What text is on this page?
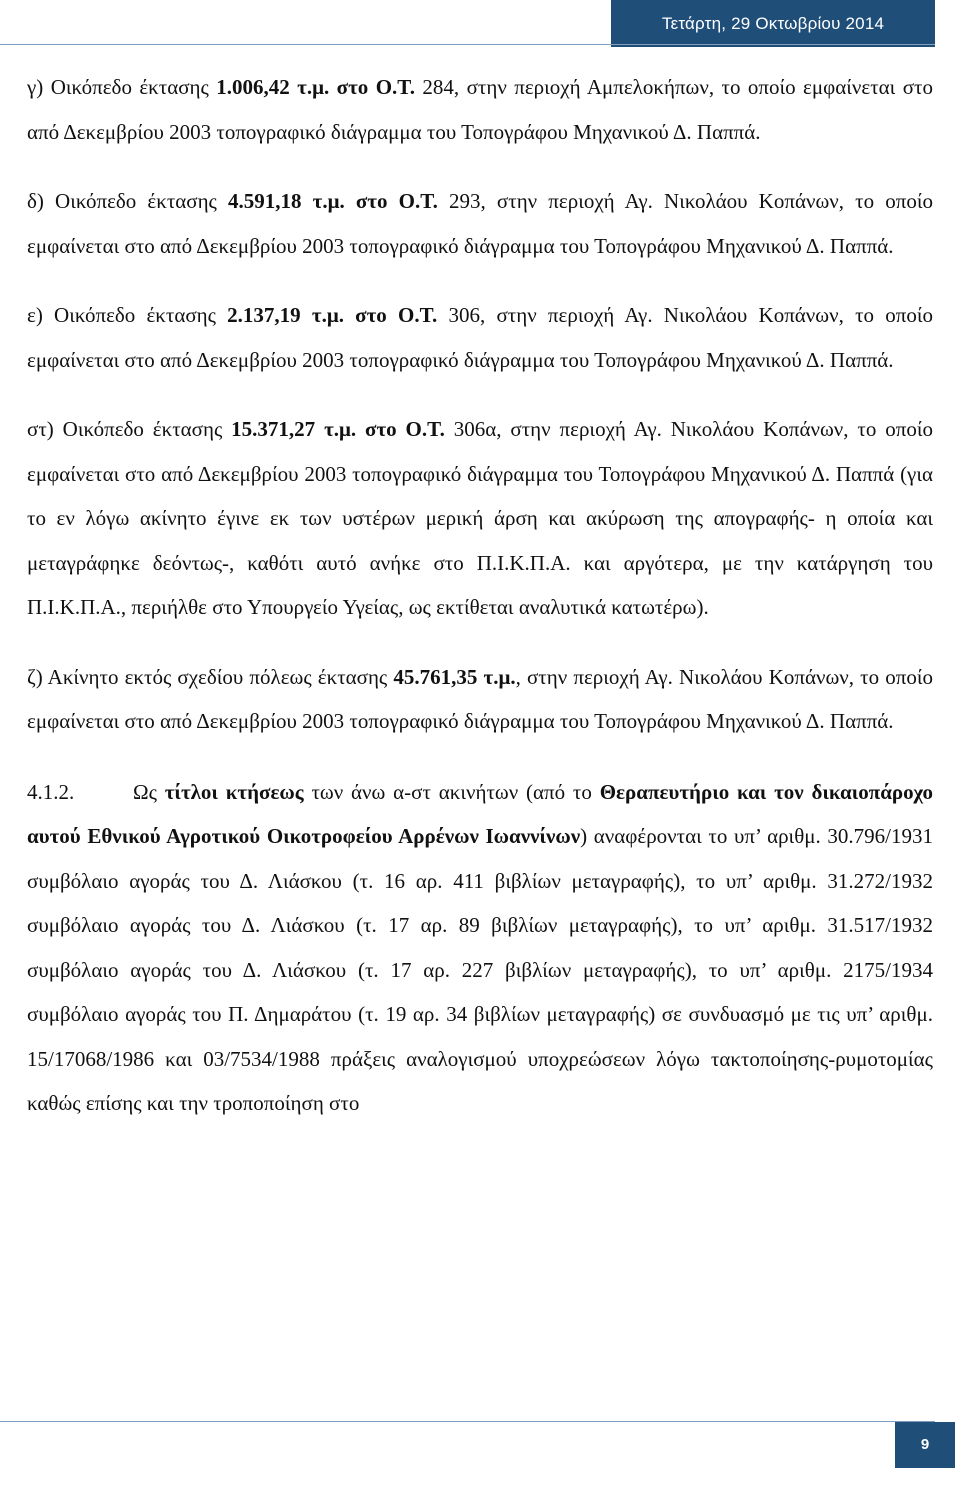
Τετάρτη, 29 Οκτωβρίου 2014

γ) Οικόπεδο έκτασης 1.006,42 τ.μ. στο Ο.Τ. 284, στην περιοχή Αμπελοκήπων, το οποίο εμφαίνεται στο από Δεκεμβρίου 2003 τοπογραφικό διάγραμμα του Τοπογράφου Μηχανικού Δ. Παππά.

δ) Οικόπεδο έκτασης 4.591,18 τ.μ. στο Ο.Τ. 293, στην περιοχή Αγ. Νικολάου Κοπάνων, το οποίο εμφαίνεται στο από Δεκεμβρίου 2003 τοπογραφικό διάγραμμα του Τοπογράφου Μηχανικού Δ. Παππά.

ε) Οικόπεδο έκτασης 2.137,19 τ.μ. στο Ο.Τ. 306, στην περιοχή Αγ. Νικολάου Κοπάνων, το οποίο εμφαίνεται στο από Δεκεμβρίου 2003 τοπογραφικό διάγραμμα του Τοπογράφου Μηχανικού Δ. Παππά.

στ) Οικόπεδο έκτασης 15.371,27 τ.μ. στο Ο.Τ. 306α, στην περιοχή Αγ. Νικολάου Κοπάνων, το οποίο εμφαίνεται στο από Δεκεμβρίου 2003 τοπογραφικό διάγραμμα του Τοπογράφου Μηχανικού Δ. Παππά (για το εν λόγω ακίνητο έγινε εκ των υστέρων μερική άρση και ακύρωση της απογραφής- η οποία και μεταγράφηκε δεόντως-, καθότι αυτό ανήκε στο Π.Ι.Κ.Π.Α. και αργότερα, με την κατάργηση του Π.Ι.Κ.Π.Α., περιήλθε στο Υπουργείο Υγείας, ως εκτίθεται αναλυτικά κατωτέρω).

ζ) Ακίνητο εκτός σχεδίου πόλεως έκτασης 45.761,35 τ.μ., στην περιοχή Αγ. Νικολάου Κοπάνων, το οποίο εμφαίνεται στο από Δεκεμβρίου 2003 τοπογραφικό διάγραμμα του Τοπογράφου Μηχανικού Δ. Παππά.

4.1.2.	Ως τίτλοι κτήσεως των άνω α-στ ακινήτων (από το Θεραπευτήριο και τον δικαιοπάροχο αυτού Εθνικού Αγροτικού Οικοτροφείου Αρρένων Ιωαννίνων) αναφέρονται το υπ’ αριθμ. 30.796/1931 συμβόλαιο αγοράς του Δ. Λιάσκου (τ. 16 αρ. 411 βιβλίων μεταγραφής), το υπ’ αριθμ. 31.272/1932 συμβόλαιο αγοράς του Δ. Λιάσκου (τ. 17 αρ. 89 βιβλίων μεταγραφής), το υπ’ αριθμ. 31.517/1932 συμβόλαιο αγοράς του Δ. Λιάσκου (τ. 17 αρ. 227 βιβλίων μεταγραφής), το υπ’ αριθμ. 2175/1934 συμβόλαιο αγοράς του Π. Δημαράτου (τ. 19 αρ. 34 βιβλίων μεταγραφής) σε συνδυασμό με τις υπ’ αριθμ. 15/17068/1986 και 03/7534/1988 πράξεις αναλογισμού υποχρεώσεων λόγω τακτοποίησης-ρυμοτομίας καθώς επίσης και την τροποποίηση στο

9
